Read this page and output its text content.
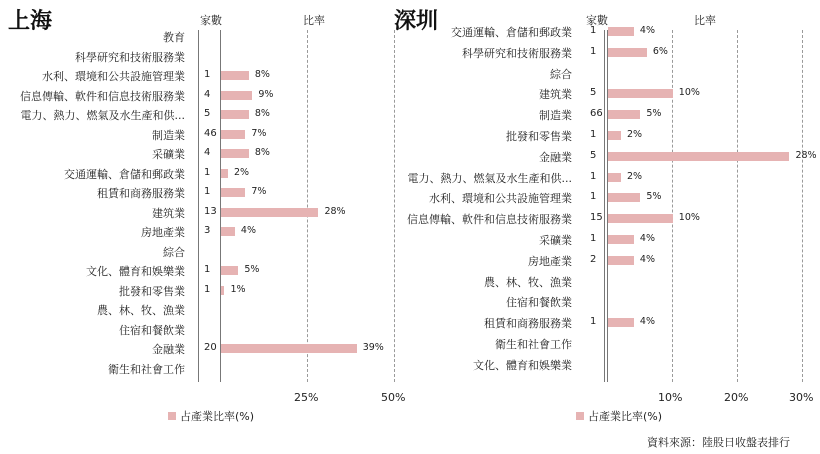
上海	家數	比率
教育
科學研究和技術服務業
水利、環境和公共設施管理業 1	8%
信息傳輸、軟件和信息技術服務業 4	9%
電力、熱力、燃氣及水生產和供... 5	8%
制造業 46	7%
采礦業 4	8%
交通運輸、倉儲和郵政業 1 2%
租賃和商務服務業 1	7%
建筑業 13	28%
房地產業 3	4%
綜合
文化、體育和娛樂業 1	5%
批發和零售業 1 1%
農、林、牧、漁業
住宿和餐飲業
金融業 20	39%
衛生和社會工作
25%	50%
占產業比率(%)
深圳	家數	比率
交通運輸、倉儲和郵政業 1	4%
科學研究和技術服務業 1	6%
綜合
建筑業 5	10%
制造業 66	5%
批發和零售業 1	2%
金融業 5	28%
電力、熱力、燃氣及水生產和供... 1	2%
水利、環境和公共設施管理業 1	5%
信息傳輸、軟件和信息技術服務業 15	10%
采礦業 1	4%
房地產業 2	4%
農、林、牧、漁業
住宿和餐飲業
租賃和商務服務業 1	4%
衛生和社會工作
文化、體育和娛樂業
10%	20%	30%
占產業比率(%)
資料來源：陸股日收盤表排行
